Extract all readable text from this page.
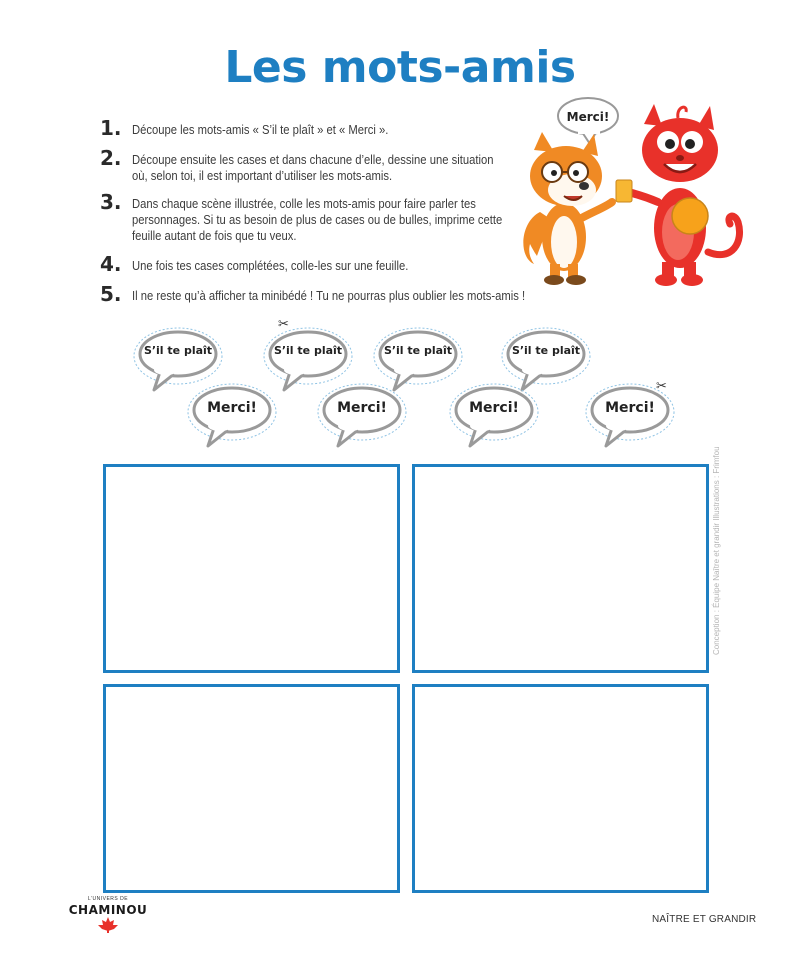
Les mots-amis
1. Découpe les mots-amis « S’il te plaît » et « Merci ».
2. Découpe ensuite les cases et dans chacune d’elle, dessine une situation où, selon toi, il est important d’utiliser les mots-amis.
3. Dans chaque scène illustrée, colle les mots-amis pour faire parler tes personnages. Si tu as besoin de plus de cases ou de bulles, imprime cette feuille autant de fois que tu veux.
4. Une fois tes cases complétées, colle-les sur une feuille.
5. Il ne reste qu’à afficher ta minibédé ! Tu ne pourras plus oublier les mots-amis !
Merci!
S’il te plaît	S’il te plaît	S’il te plaît	S’il te plaît
Merci!	Merci!	Merci!	Merci!
✂
✂
Conception : Équipe Naître et grandir Illustrations : Frimfou
L’UNIVERS DE
CHAMINOU
NAÎTRE ET GRANDIR
